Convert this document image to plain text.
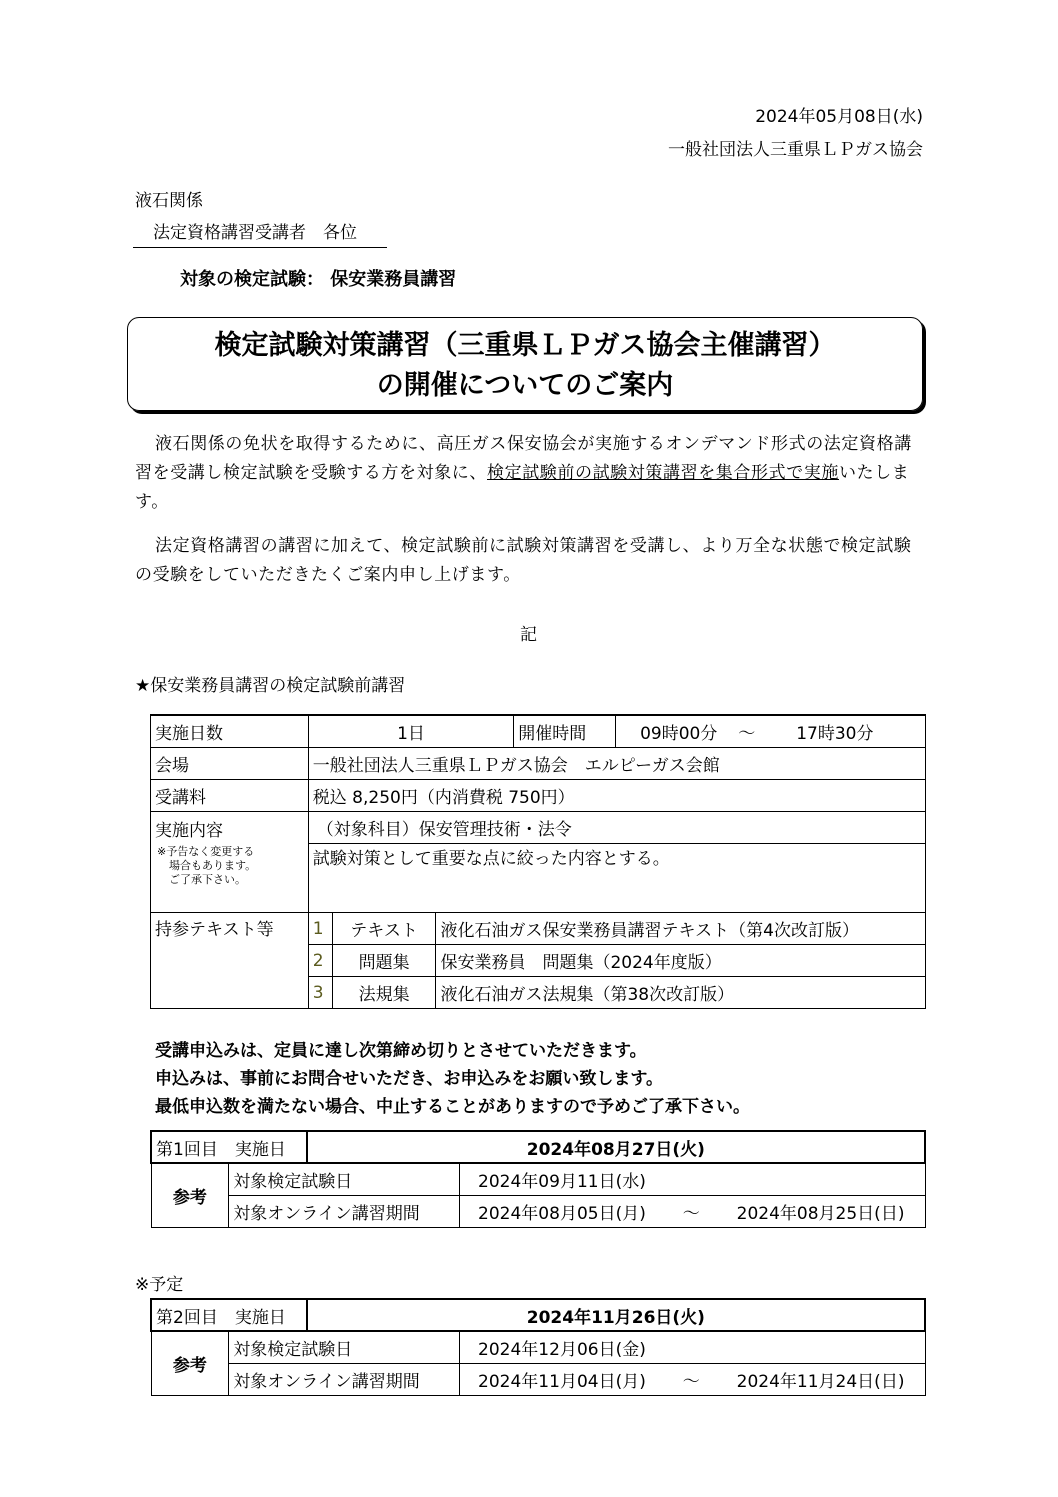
2024年05月08日(水)
一般社団法人三重県ＬＰガス協会
液石関係
法定資格講習受講者　各位
対象の検定試験： 保安業務員講習
検定試験対策講習（三重県ＬＰガス協会主催講習）
の開催についてのご案内
液石関係の免状を取得するために、高圧ガス保安協会が実施するオンデマンド形式の法定資格講習を受講し検定試験を受験する方を対象に、検定試験前の試験対策講習を集合形式で実施いたします。
法定資格講習の講習に加えて、検定試験前に試験対策講習を受講し、より万全な状態で検定試験の受験をしていただきたくご案内申し上げます。
記
★保安業務員講習の検定試験前講習
実施日数	1日			開催時間	09時00分 ～ 17時30分
会場	一般社団法人三重県ＬＰガス協会　エルピーガス会館				
受講料	税込 8,250円（内消費税 750円）				

実施内容
※予告なく変更する
場合もあります。
ご了承下さい。	（対象科目）保安管理技術・法令				
	試験対策として重要な点に絞った内容とする。				
持参テキスト等	1	テキスト	液化石油ガス保安業務員講習テキスト（第4次改訂版）		
	2	問題集	保安業務員　問題集（2024年度版）		
	3	法規集	液化石油ガス法規集（第38次改訂版）		
受講申込みは、定員に達し次第締め切りとさせていただきます。
申込みは、事前にお問合せいただき、お申込みをお願い致します。
最低申込数を満たない場合、中止することがありますので予めご了承下さい。
第1回目　実施日		2024年08月27日(火)	
参考	対象検定試験日		2024年09月11日(水)
	対象オンライン講習期間		2024年08月05日(月) ～ 2024年08月25日(日)
※予定
第2回目　実施日		2024年11月26日(火)	
参考	対象検定試験日		2024年12月06日(金)
	対象オンライン講習期間		2024年11月04日(月) ～ 2024年11月24日(日)
